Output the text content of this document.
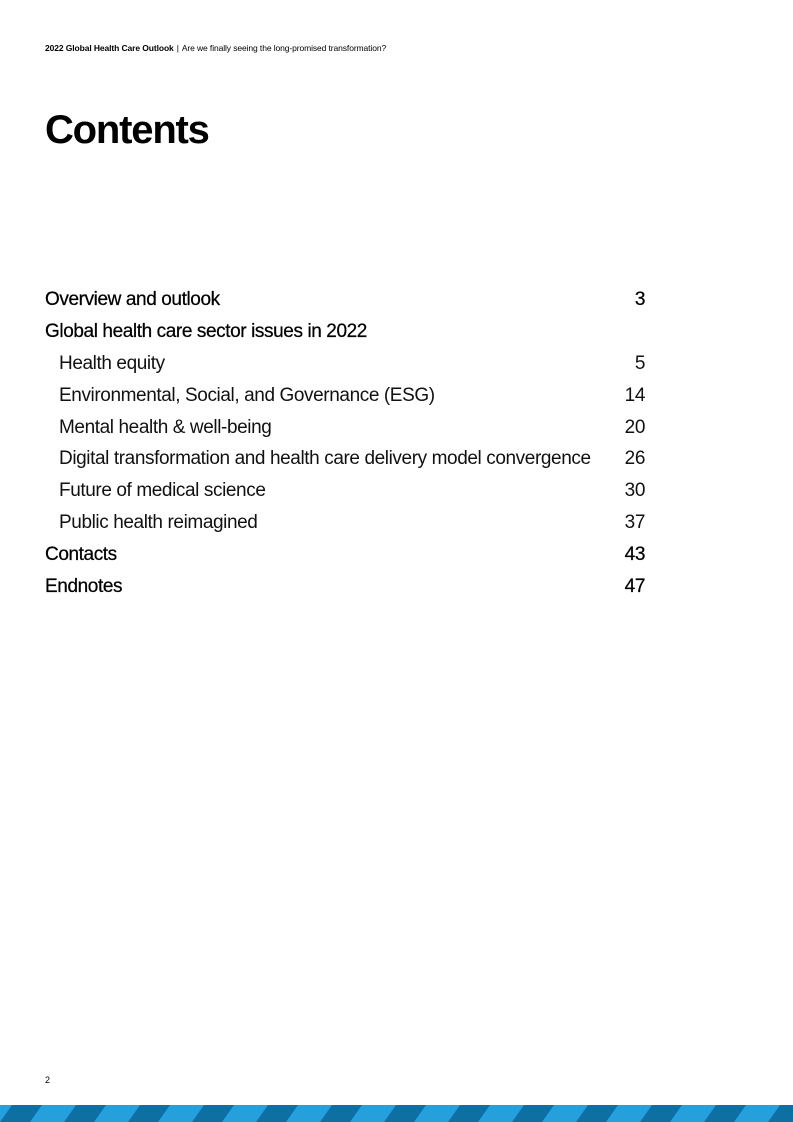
2022 Global Health Care Outlook | Are we finally seeing the long-promised transformation?
Contents
Overview and outlook	3
Global health care sector issues in 2022
Health equity	5
Environmental, Social, and Governance (ESG)	14
Mental health & well-being	20
Digital transformation and health care delivery model convergence 26
Future of medical science	30
Public health reimagined	37
Contacts	43
Endnotes	47
2
